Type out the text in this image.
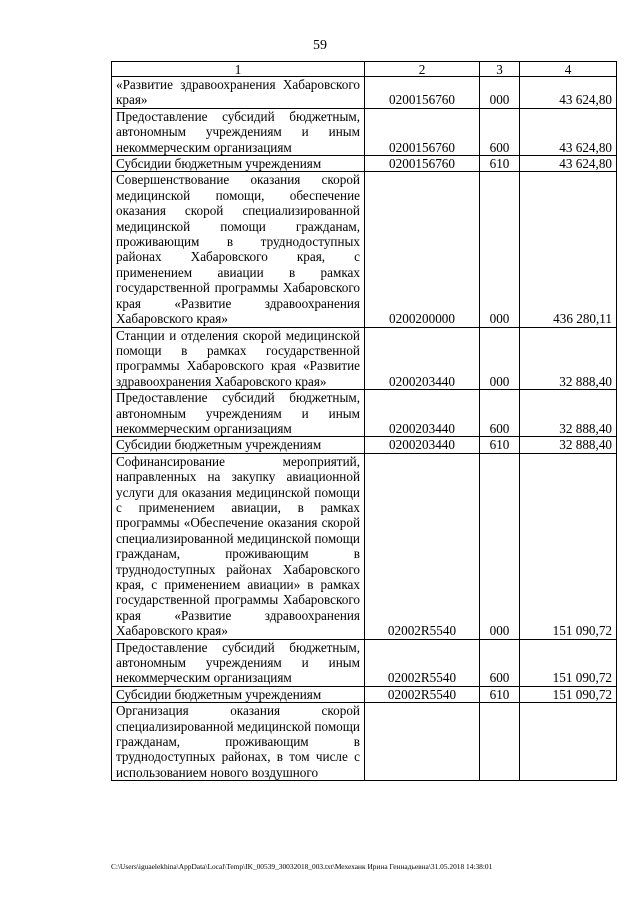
59
1	2	3	4
«Развитие здравоохранения Хабаровского края»	0200156760	000	43 624,80
Предоставление субсидий бюджетным, автономным учреждениям и иным некоммерческим организациям	0200156760	600	43 624,80
Субсидии бюджетным учреждениям	0200156760	610	43 624,80
Совершенствование оказания скорой медицинской помощи, обеспечение оказания скорой специализированной медицинской помощи гражданам, проживающим в труднодоступных районах Хабаровского края, с применением авиации в рамках государственной программы Хабаровского края «Развитие здравоохранения Хабаровского края»	0200200000	000	436 280,11
Станции и отделения скорой медицинской помощи в рамках государственной программы Хабаровского края «Развитие здравоохранения Хабаровского края»	0200203440	000	32 888,40
Предоставление субсидий бюджетным, автономным учреждениям и иным некоммерческим организациям	0200203440	600	32 888,40
Субсидии бюджетным учреждениям	0200203440	610	32 888,40
Софинансирование мероприятий, направленных на закупку авиационной услуги для оказания медицинской помощи с применением авиации, в рамках программы «Обеспечение оказания скорой специализированной медицинской помощи гражданам, проживающим в труднодоступных районах Хабаровского края, с применением авиации» в рамках государственной программы Хабаровского края «Развитие здравоохранения Хабаровского края»	02002R5540	000	151 090,72
Предоставление субсидий бюджетным, автономным учреждениям и иным некоммерческим организациям	02002R5540	600	151 090,72
Субсидии бюджетным учреждениям	02002R5540	610	151 090,72
Организация оказания скорой специализированной медицинской помощи гражданам, проживающим в труднодоступных районах, в том числе с использованием нового воздушного			
C:\Users\iguaelekhina\AppData\Local\Temp\IK_00539_30032018_003.txt\Мехеханк Ирина Геннадьевна\31.05.2018 14:38:01
